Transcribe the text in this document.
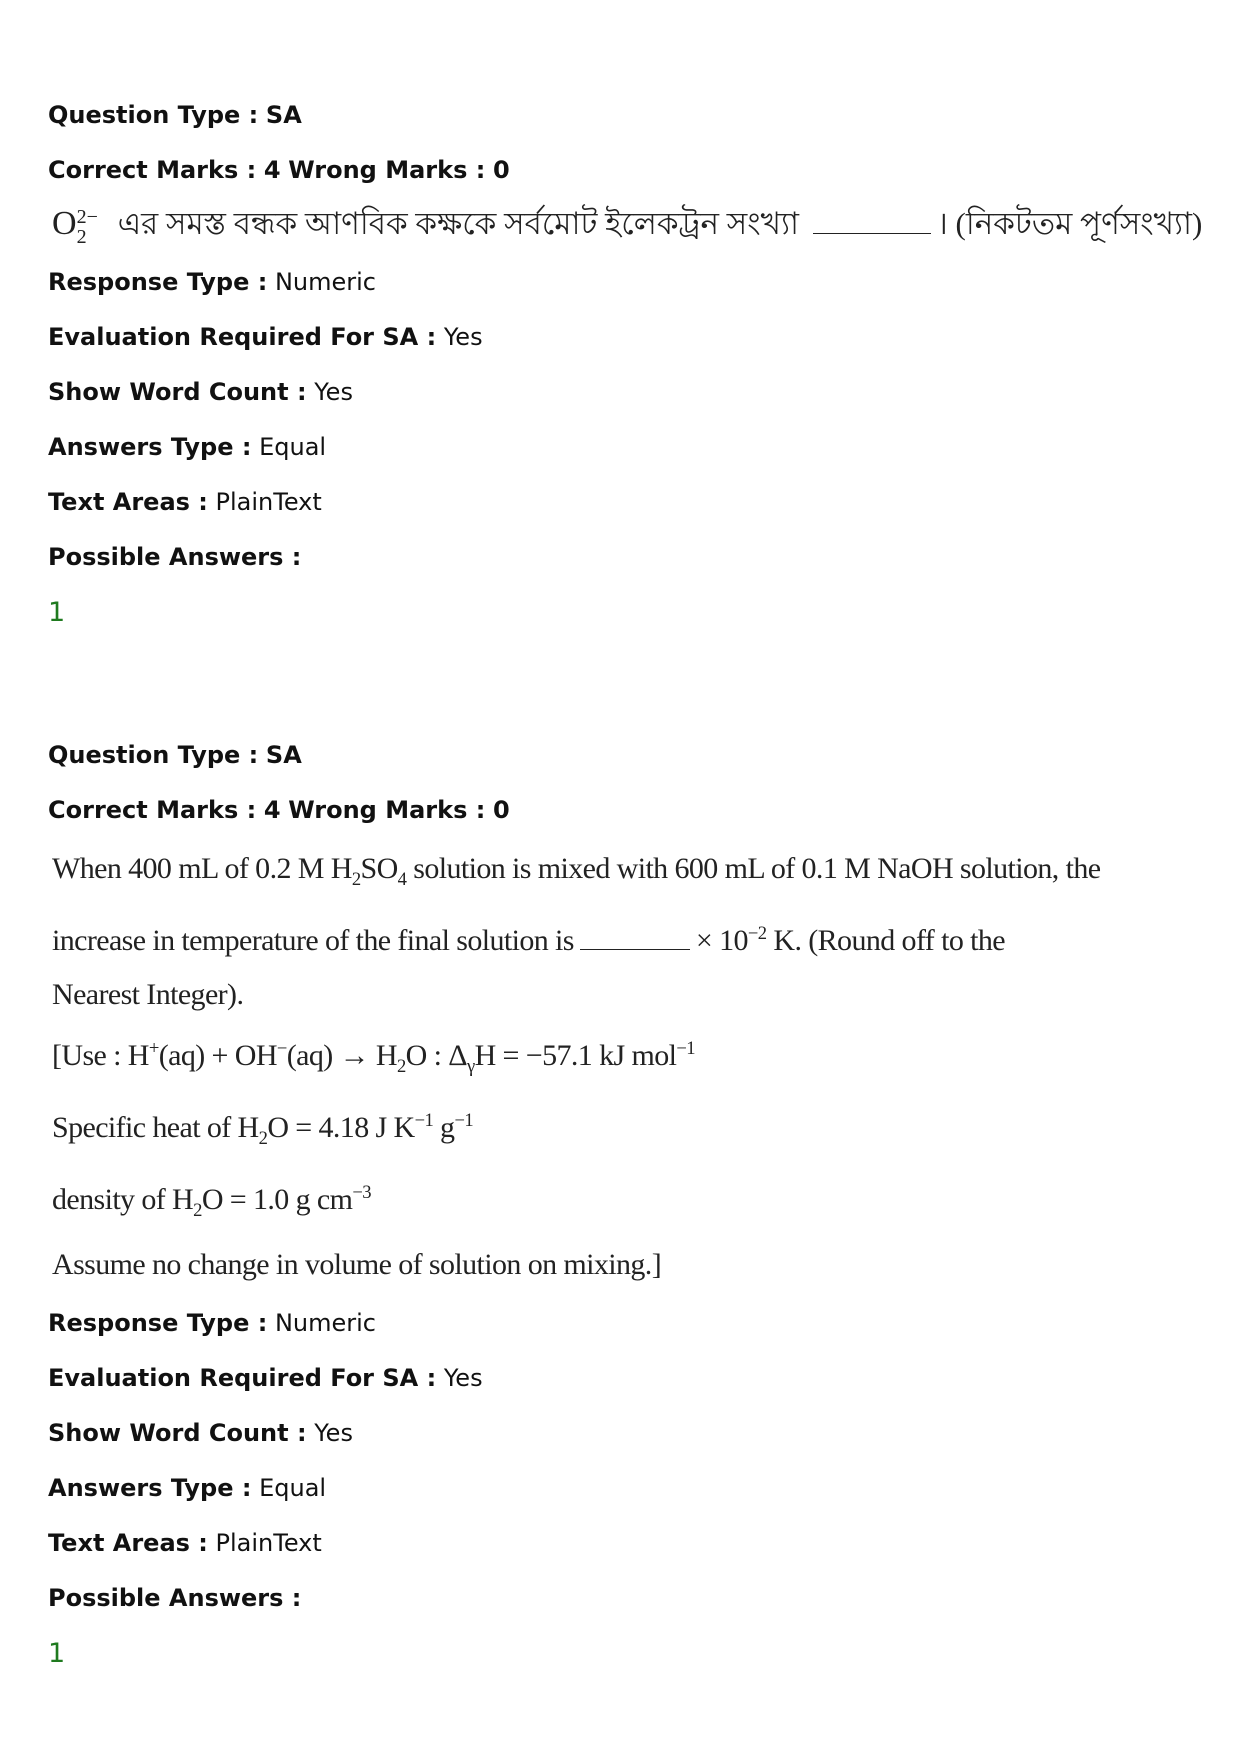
Question Type : SA
Correct Marks : 4 Wrong Marks : 0
O 2−
2	এর সমস্ত বন্ধক আণবিক কক্ষকে সর্বমোট ইলেকট্রন সংখ্যা	। (নিকটতম পূর্ণসংখ্যা)
Response Type : Numeric
Evaluation Required For SA : Yes
Show Word Count : Yes
Answers Type : Equal
Text Areas : PlainText
Possible Answers :
1
Question Type : SA
Correct Marks : 4 Wrong Marks : 0
When 400 mL of 0.2 M $H_2SO_4$ solution is mixed with 600 mL of 0.1 M NaOH solution, the
increase in temperature of the final solution is	× $10^{-2}$ K. (Round off to the
Nearest Integer).
[Use : $H^+(aq) + OH^-(aq) \to H_2O$ : $\Delta_\gamma H = -57.1$ kJ mol$^{-1}$
Specific heat of $H_2O = 4.18$ J $K^{-1}$ $g^{-1}$
density of $H_2O = 1.0$ g $cm^{-3}$
Assume no change in volume of solution on mixing.]
Response Type : Numeric
Evaluation Required For SA : Yes
Show Word Count : Yes
Answers Type : Equal
Text Areas : PlainText
Possible Answers :
1
